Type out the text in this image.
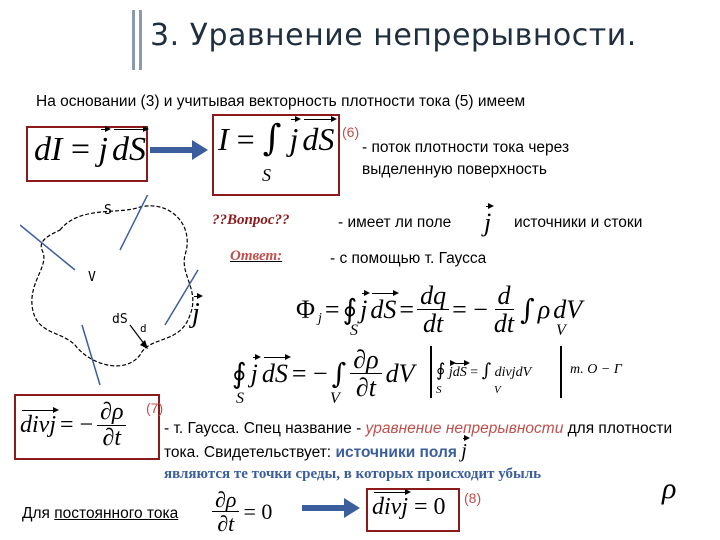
3. Уравнение непрерывности.
На основании (3) и учитывая векторность плотности тока (5) имеем
dI = j dS I = ∫ j dS
S
(6)
- поток плотности тока через выделенную поверхность
S
V
dS
d j
??Вопрос??	- имеет ли поле j источники и стоки
Ответ:	- с помощью т. Гаусса
Φ j = ∮ j dS = $\frac{dq}{dt}$ = − $\frac{d}{dt}$ ∫ ρ dV
S	V
∮ j dS = − ∫ $\frac{\partial\rho}{\partial t}$ dV
S	V
∮ jdS = ∫ divjdV
S	V
т. О − Г
divj = − $\frac{\partial\rho}{\partial t} (7)$
- т. Гаусса. Спец название - уравнение непрерывности для плотности тока. Свидетельствует: источники поля j
являются те точки среды, в которых происходит убыль	ρ
Для постоянного тока $\frac{\partial\rho}{\partial t} = 0$	divj = 0 (8)
